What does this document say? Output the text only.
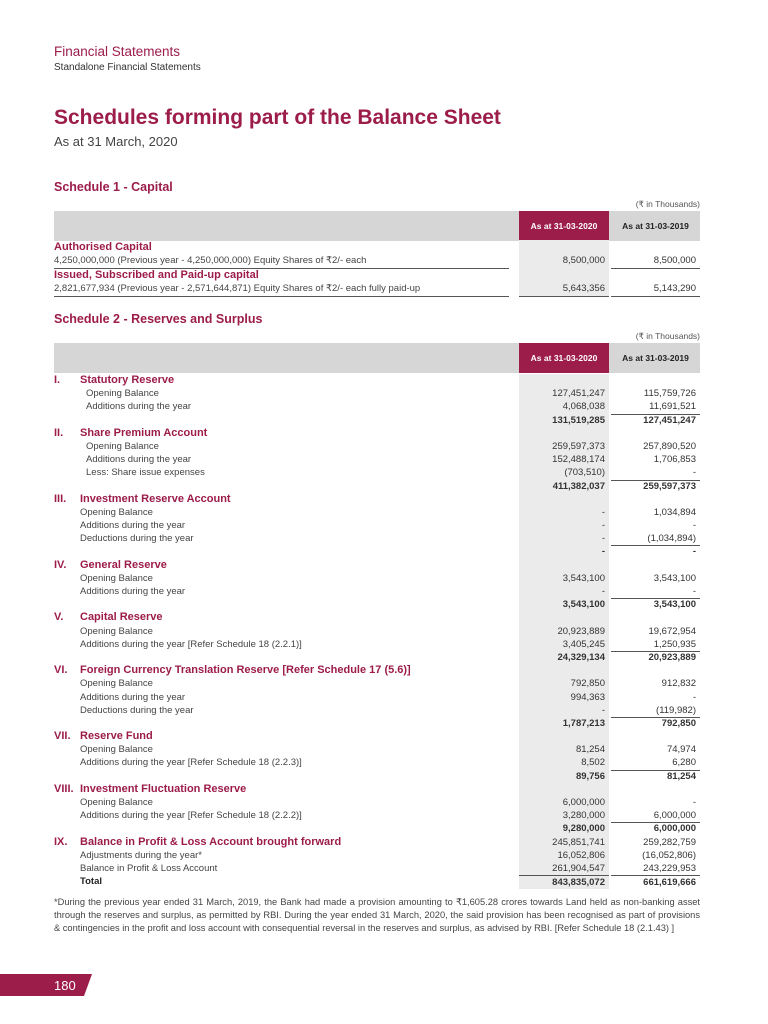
Financial Statements
Standalone Financial Statements
Schedules forming part of the Balance Sheet
As at 31 March, 2020
Schedule 1 - Capital
(₹ in Thousands)
As at 31-03-2020	As at 31-03-2019
Authorised Capital
4,250,000,000 (Previous year - 4,250,000,000) Equity Shares of ₹2/- each	8,500,000	8,500,000
Issued, Subscribed and Paid-up capital
2,821,677,934 (Previous year - 2,571,644,871) Equity Shares of ₹2/- each fully paid-up	5,643,356	5,143,290
Schedule 2 - Reserves and Surplus
(₹ in Thousands)
As at 31-03-2020	As at 31-03-2019
I. Statutory Reserve
Opening Balance	127,451,247	115,759,726
Additions during the year	4,068,038	11,691,521
131,519,285	127,451,247
II. Share Premium Account
Opening Balance	259,597,373	257,890,520
Additions during the year	152,488,174	1,706,853
Less: Share issue expenses	(703,510)	-
411,382,037	259,597,373
III. Investment Reserve Account
Opening Balance	-	1,034,894
Additions during the year	-	-
Deductions during the year	-	(1,034,894)
-	-
IV. General Reserve
Opening Balance	3,543,100	3,543,100
Additions during the year	-	-
3,543,100	3,543,100
V. Capital Reserve
Opening Balance	20,923,889	19,672,954
Additions during the year [Refer Schedule 18 (2.2.1)]	3,405,245	1,250,935
24,329,134	20,923,889
VI. Foreign Currency Translation Reserve [Refer Schedule 17 (5.6)]
Opening Balance	792,850	912,832
Additions during the year	994,363	-
Deductions during the year	-	(119,982)
1,787,213	792,850
VII. Reserve Fund
Opening Balance	81,254	74,974
Additions during the year [Refer Schedule 18 (2.2.3)]	8,502	6,280
89,756	81,254
VIII. Investment Fluctuation Reserve
Opening Balance	6,000,000	-
Additions during the year [Refer Schedule 18 (2.2.2)]	3,280,000	6,000,000
9,280,000	6,000,000
IX. Balance in Profit & Loss Account brought forward	245,851,741	259,282,759
Adjustments during the year*	16,052,806	(16,052,806)
Balance in Profit & Loss Account	261,904,547	243,229,953
Total	843,835,072	661,619,666
*During the previous year ended 31 March, 2019, the Bank had made a provision amounting to ₹1,605.28 crores towards Land held as non-banking asset through the reserves and surplus, as permitted by RBI. During the year ended 31 March, 2020, the said provision has been recognised as part of provisions & contingencies in the profit and loss account with consequential reversal in the reserves and surplus, as advised by RBI. [Refer Schedule 18 (2.1.43) ]
180
